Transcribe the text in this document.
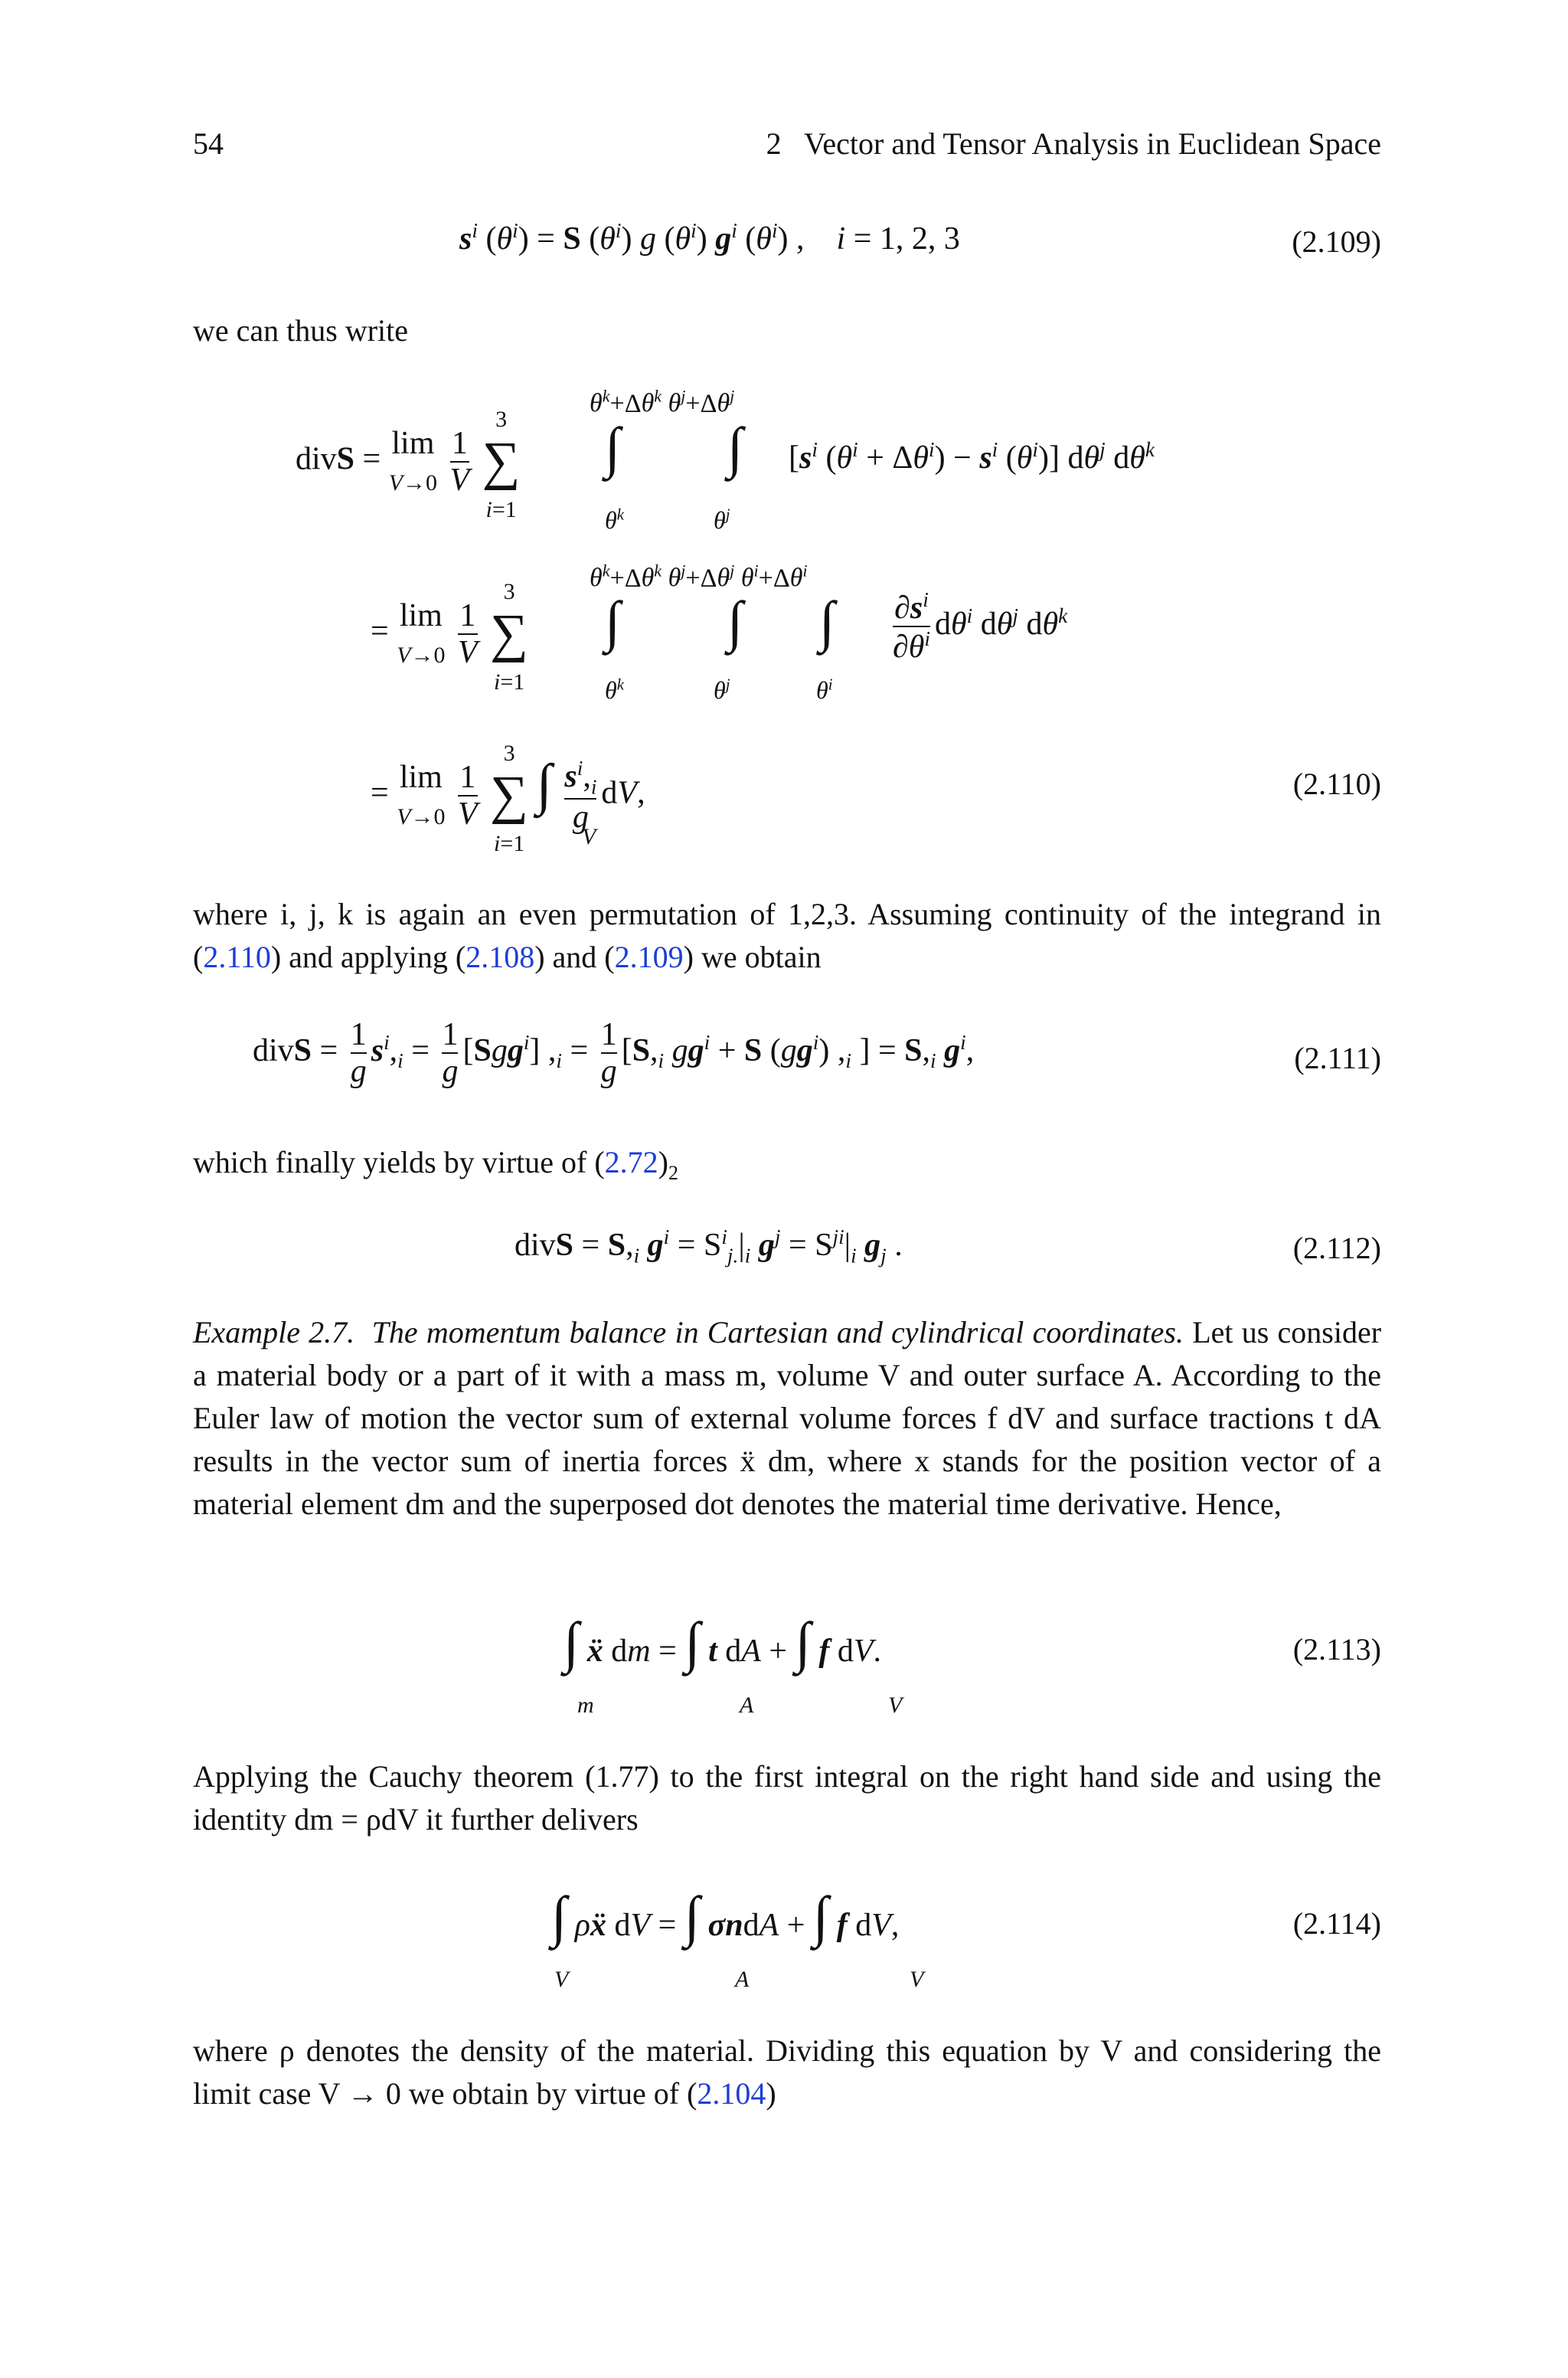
54	2   Vector and Tensor Analysis in Euclidean Space
$s^i$ $(\theta^i) = S$ $(\theta^i)$ g $(\theta^i)$ $g^i$ $(\theta^i)$ ,    i = 1, 2, 3	(2.109)
we can thus write
divS = lim
$V\to 0 \frac{1}{V}$
3
∑
i=1
$\theta^k+\Delta\theta^k$ $\theta^j+\Delta\theta^j$
∫ ∫
$\theta^k$	$\theta^j$
[$s^i$ $(\theta^i + \Delta\theta^i) - s^i$ $(\theta^i)$] $d\theta^j$ $d\theta^k$
= lim
$V\to 0 \frac{1}{V}$
3
∑
i=1
$\theta^k+\Delta\theta^k$ $\theta^j+\Delta\theta^j$ $\theta^i+\Delta\theta^i$
∫ ∫ ∫
$\theta^k$	$\theta^j$	$\theta^i$
$\frac{\partial s^i}{\partial\theta^i} d\theta^i$ $d\theta^j$ $d\theta^k$
= lim
$V\to 0 \frac{1}{V}$
3
∑
i=1 ∫ $\frac{s^i,_i}{g}$ dV,
V
(2.110)
where i, j, k is again an even permutation of 1,2,3. Assuming continuity of the integrand in (2.110) and applying (2.108) and (2.109) we obtain
divS = $\frac{1}{g} s^i,_i = \frac{1}{g} [Sgg^i] ,_i = \frac{1}{g} [S,_i$ $gg^i + S$ $(gg^i)$ $,_i$ ] = $S,_i$ $g^i$,	(2.111)
which finally yields by virtue of $(2.72)_2$
divS = $S,_i$ $g^i = S^i_{j.}|_i$ $g^j = S^{ji}|_i$ $g_j$ .	(2.112)
Example 2.7. The momentum balance in Cartesian and cylindrical coordinates. Let us consider a material body or a part of it with a mass m, volume V and outer surface A. According to the Euler law of motion the vector sum of external volume forces f dV and surface tractions t dA results in the vector sum of inertia forces ẍ dm, where x stands for the position vector of a material element dm and the superposed dot denotes the material time derivative. Hence,
∫ ẍ dm = ∫ t dA + ∫ f dV.
m	A	V
(2.113)
Applying the Cauchy theorem (1.77) to the first integral on the right hand side and using the identity dm = ρdV it further delivers
∫ ρẍ dV = ∫ σndA + ∫ f dV,
V	A	V
(2.114)
where ρ denotes the density of the material. Dividing this equation by V and considering the limit case V → 0 we obtain by virtue of (2.104)
